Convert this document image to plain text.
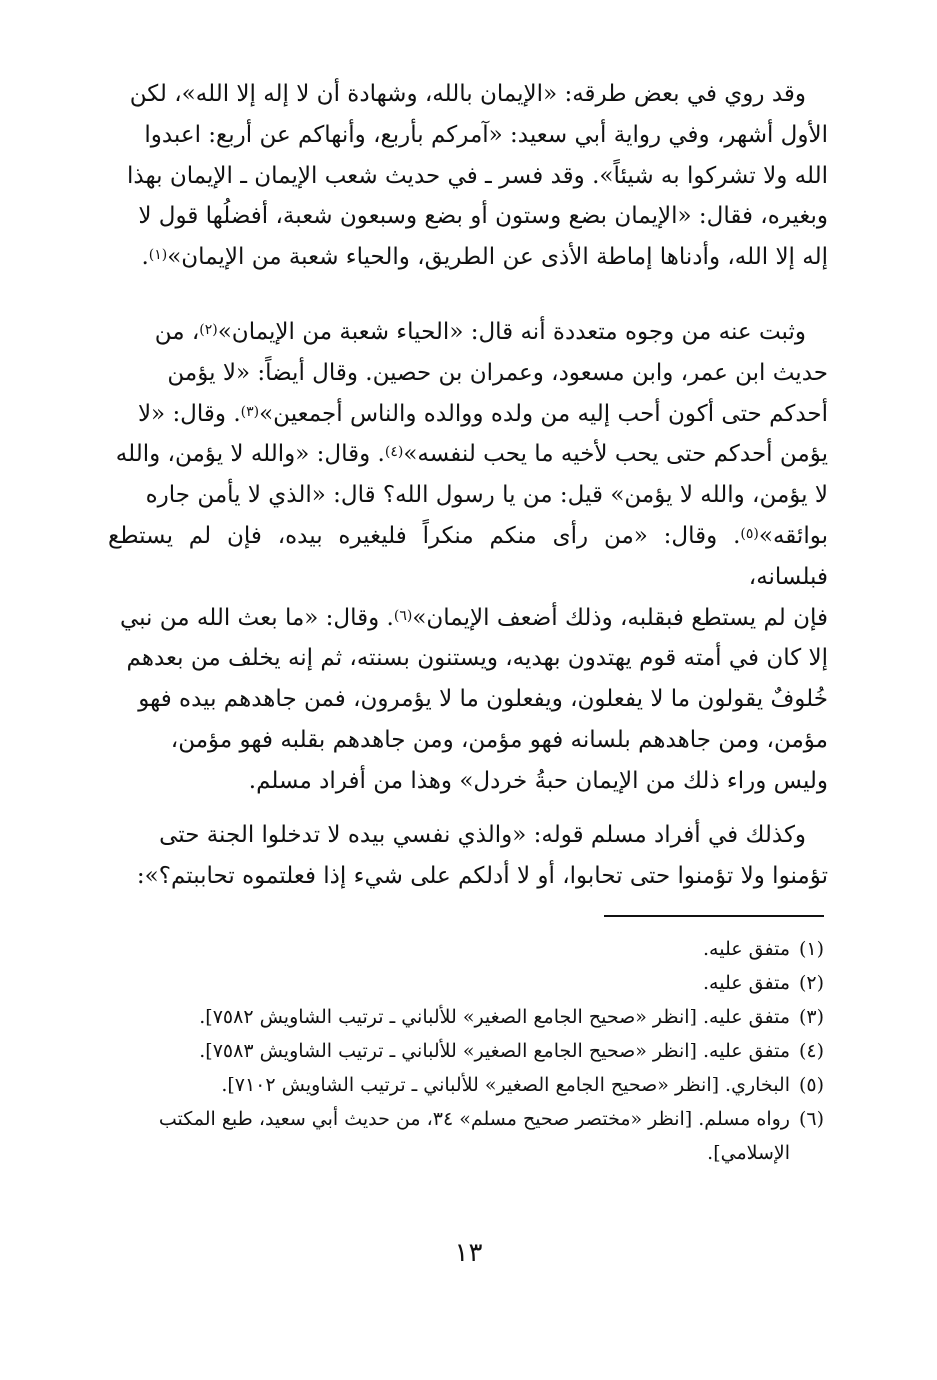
وقد روي في بعض طرقه: «الإيمان بالله، وشهادة أن لا إله إلا الله»، لكن

الأول أشهر، وفي رواية أبي سعيد: «آمركم بأربع، وأنهاكم عن أربع: اعبدوا

الله ولا تشركوا به شيئاً». وقد فسر ـ في حديث شعب الإيمان ـ الإيمان بهذا

وبغيره، فقال: «الإيمان بضع وستون أو بضع وسبعون شعبة، أفضلُها قول لا

إله إلا الله، وأدناها إماطة الأذى عن الطريق، والحياء شعبة من الإيمان»$^{(١)}$.

وثبت عنه من وجوه متعددة أنه قال: «الحياء شعبة من الإيمان»$^{(٢)}$، من

حديث ابن عمر، وابن مسعود، وعمران بن حصين. وقال أيضاً: «لا يؤمن

أحدكم حتى أكون أحب إليه من ولده ووالده والناس أجمعين»$^{(٣)}$. وقال: «لا

يؤمن أحدكم حتى يحب لأخيه ما يحب لنفسه»$^{(٤)}$. وقال: «والله لا يؤمن، والله

لا يؤمن، والله لا يؤمن» قيل: من يا رسول الله؟ قال: «الذي لا يأمن جاره

بوائقه»$^{(٥)}$. وقال: «من رأى منكم منكراً فليغيره بيده، فإن لم يستطع فبلسانه،

فإن لم يستطع فبقلبه، وذلك أضعف الإيمان»$^{(٦)}$. وقال: «ما بعث الله من نبي

إلا كان في أمته قوم يهتدون بهديه، ويستنون بسنته، ثم إنه يخلف من بعدهم

خُلوفٌ يقولون ما لا يفعلون، ويفعلون ما لا يؤمرون، فمن جاهدهم بيده فهو

مؤمن، ومن جاهدهم بلسانه فهو مؤمن، ومن جاهدهم بقلبه فهو مؤمن،

وليس وراء ذلك من الإيمان حبةُ خردل» وهذا من أفراد مسلم.

وكذلك في أفراد مسلم قوله: «والذي نفسي بيده لا تدخلوا الجنة حتى

تؤمنوا ولا تؤمنوا حتى تحابوا، أو لا أدلكم على شيء إذا فعلتموه تحاببتم؟»:

(١)
متفق عليه.
(٢)
متفق عليه.
(٣)
متفق عليه. [انظر «صحيح الجامع الصغير» للألباني ـ ترتيب الشاويش ٧٥٨٢].
(٤)
متفق عليه. [انظر «صحيح الجامع الصغير» للألباني ـ ترتيب الشاويش ٧٥٨٣].
(٥)
البخاري. [انظر «صحيح الجامع الصغير» للألباني ـ ترتيب الشاويش ٧١٠٢].
(٦)
رواه مسلم. [انظر «مختصر صحيح مسلم» ٣٤، من حديث أبي سعيد، طبع المكتب الإسلامي].
١٣
